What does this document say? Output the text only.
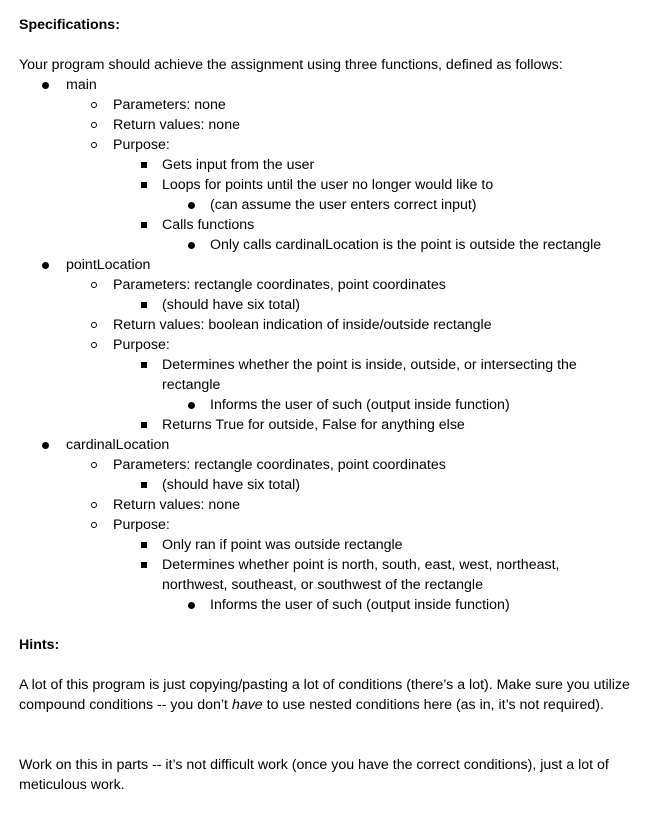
Specifications:
Your program should achieve the assignment using three functions, defined as follows:
main
Parameters: none
Return values: none
Purpose:
Gets input from the user
Loops for points until the user no longer would like to
(can assume the user enters correct input)
Calls functions
Only calls cardinalLocation is the point is outside the rectangle
pointLocation
Parameters: rectangle coordinates, point coordinates
(should have six total)
Return values: boolean indication of inside/outside rectangle
Purpose:
Determines whether the point is inside, outside, or intersecting the
rectangle
Informs the user of such (output inside function)
Returns True for outside, False for anything else
cardinalLocation
Parameters: rectangle coordinates, point coordinates
(should have six total)
Return values: none
Purpose:
Only ran if point was outside rectangle
Determines whether point is north, south, east, west, northeast,
northwest, southeast, or southwest of the rectangle
Informs the user of such (output inside function)
Hints:
A lot of this program is just copying/pasting a lot of conditions (there’s a lot). Make sure you utilize compound conditions -- you don’t have to use nested conditions here (as in, it’s not required).
Work on this in parts -- it’s not difficult work (once you have the correct conditions), just a lot of meticulous work.
